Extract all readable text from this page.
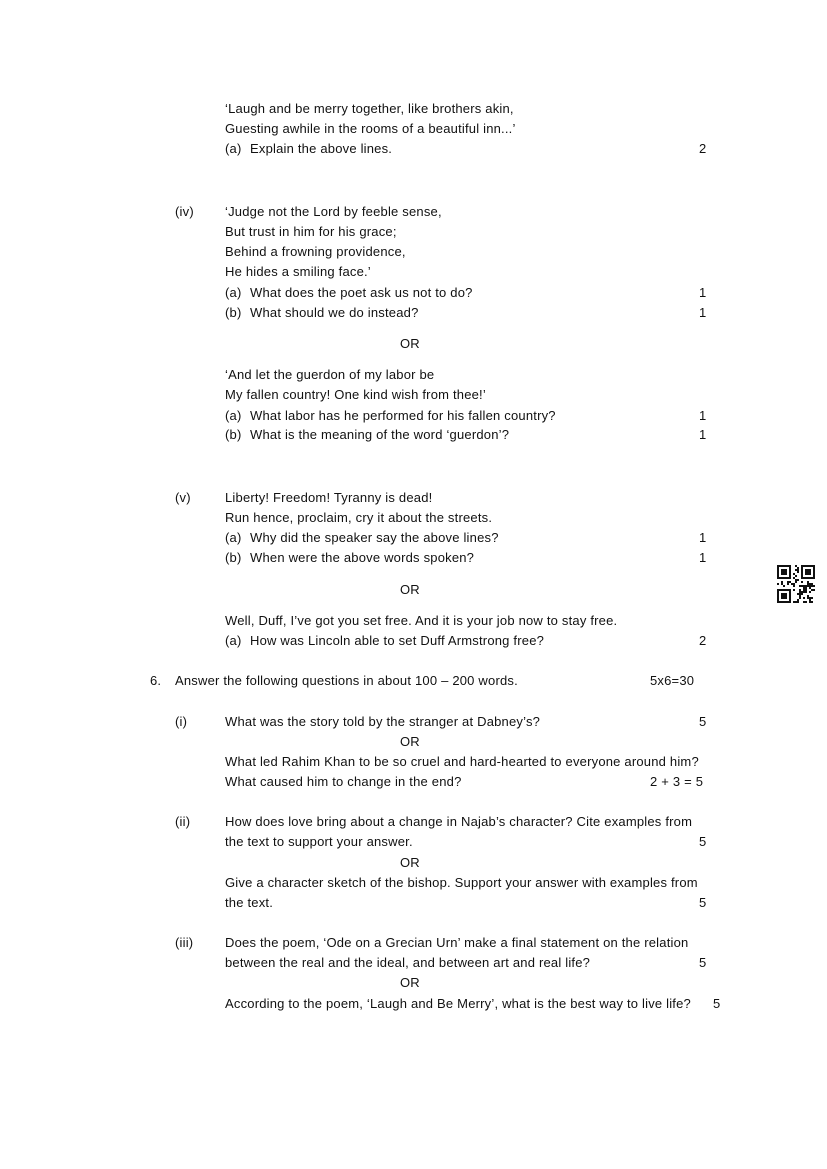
‘Laugh and be merry together, like brothers akin,
Guesting awhile in the rooms of a beautiful inn...’
(a) Explain the above lines.	2
(iv) ‘Judge not the Lord by feeble sense,
But trust in him for his grace;
Behind a frowning providence,
He hides a smiling face.’
(a) What does the poet ask us not to do?	1
(b) What should we do instead?	1
OR
‘And let the guerdon of my labor be
My fallen country! One kind wish from thee!’
(a) What labor has he performed for his fallen country?	1
(b) What is the meaning of the word ‘guerdon’?	1
(v)	Liberty! Freedom! Tyranny is dead!
Run hence, proclaim, cry it about the streets.
(a) Why did the speaker say the above lines?	1
(b) When were the above words spoken?	1
OR
Well, Duff, I’ve got you set free. And it is your job now to stay free.
(a) How was Lincoln able to set Duff Armstrong free?	2
6. Answer the following questions in about 100 – 200 words.	5x6=30
(i)	What was the story told by the stranger at Dabney’s?	5
OR
What led Rahim Khan to be so cruel and hard-hearted to everyone around him?
What caused him to change in the end?	2 + 3 = 5
(ii)	How does love bring about a change in Najab’s character? Cite examples from
the text to support your answer.	5
OR
Give a character sketch of the bishop. Support your answer with examples from
the text.	5
(iii) Does the poem, ‘Ode on a Grecian Urn’ make a final statement on the relation
between the real and the ideal, and between art and real life?	5
OR
According to the poem, ‘Laugh and Be Merry’, what is the best way to live life? 5
